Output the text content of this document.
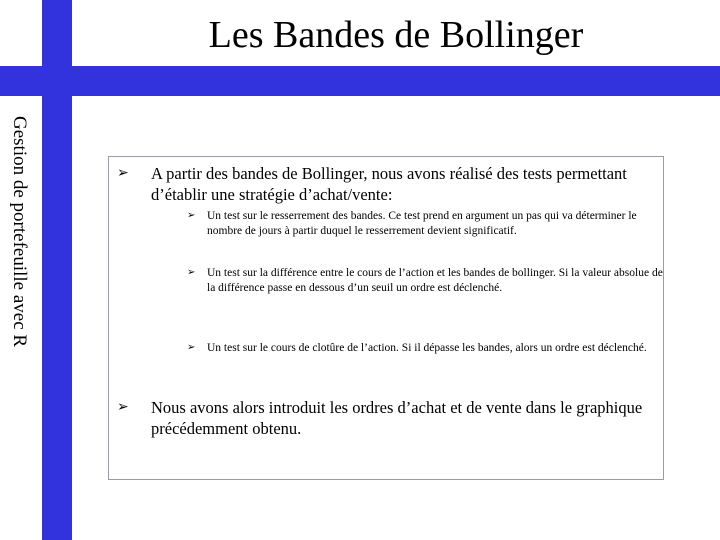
Les Bandes de Bollinger
Gestion de portefeuille avec R	➢ A partir des bandes de Bollinger, nous avons réalisé des tests permettant d’établir une stratégie d’achat/vente:
➢ Un test sur le resserrement des bandes. Ce test prend en argument un pas qui va déterminer le nombre de jours à partir duquel le resserrement devient significatif.
➢ Un test sur la différence entre le cours de l’action et les bandes de bollinger. Si la valeur absolue de la différence passe en dessous d’un seuil un ordre est déclenché.
➢ Un test sur le cours de clotûre de l’action. Si il dépasse les bandes, alors un ordre est déclenché.
➢ Nous avons alors introduit les ordres d’achat et de vente dans le graphique précédemment obtenu.
